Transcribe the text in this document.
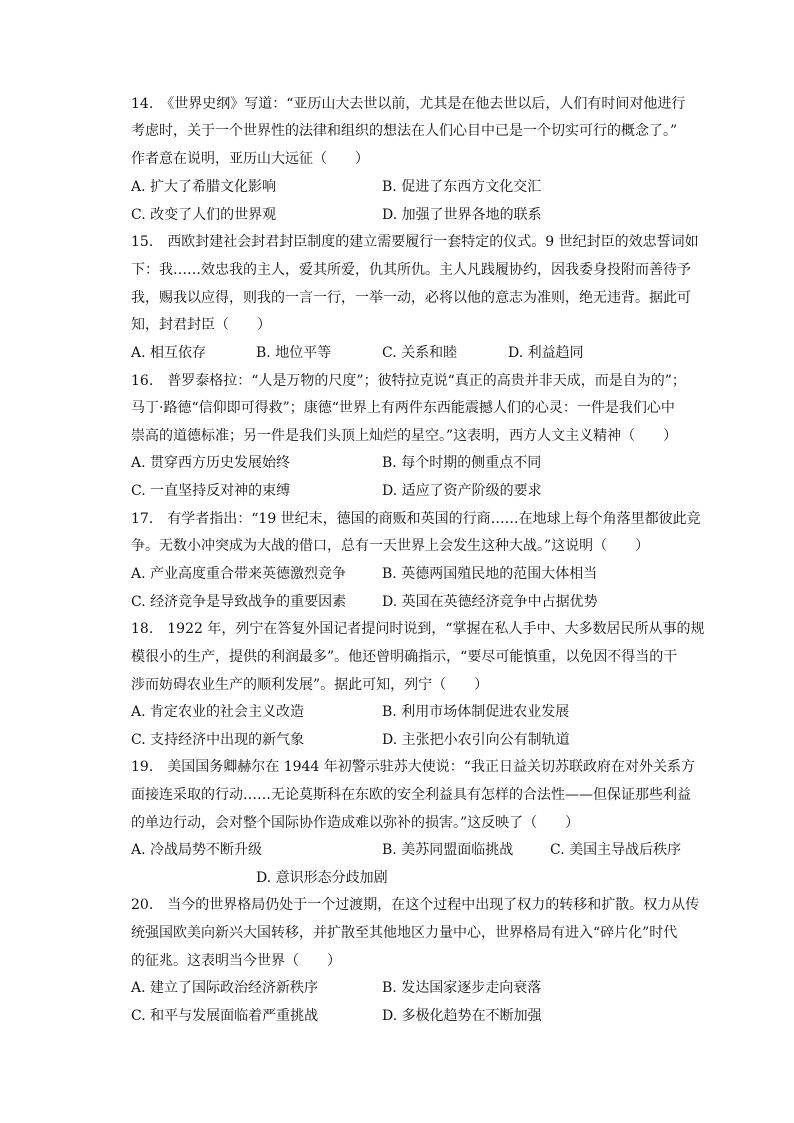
14.　《世界史纲》写道：“亚历山大去世以前，尤其是在他去世以后，人们有时间对他进行
考虑时，关于一个世界性的法律和组织的想法在人们心目中已是一个切实可行的概念了。”
作者意在说明，亚历山大远征（　　）
A. 扩大了希腊文化影响	B. 促进了东西方文化交汇
C. 改变了人们的世界观	D. 加强了世界各地的联系
15.　西欧封建社会封君封臣制度的建立需要履行一套特定的仪式。9 世纪封臣的效忠誓词如
下：我……效忠我的主人，爱其所爱，仇其所仇。主人凡践履协约，因我委身投附而善待予
我，赐我以应得，则我的一言一行，一举一动，必将以他的意志为准则，绝无违背。据此可
知，封君封臣（　　）
A. 相互依存	B. 地位平等	C. 关系和睦	D. 利益趋同
16.　普罗泰格拉：“人是万物的尺度”；彼特拉克说“真正的高贵并非天成，而是自为的”；
马丁·路德“信仰即可得救”；康德“世界上有两件东西能震撼人们的心灵：一件是我们心中
崇高的道德标准；另一件是我们头顶上灿烂的星空。”这表明，西方人文主义精神（　　）
A. 贯穿西方历史发展始终	B. 每个时期的侧重点不同
C. 一直坚持反对神的束缚	D. 适应了资产阶级的要求
17.　有学者指出：“19 世纪末，德国的商贩和英国的行商……在地球上每个角落里都彼此竞
争。无数小冲突成为大战的借口，总有一天世界上会发生这种大战。”这说明（　　）
A. 产业高度重合带来英德激烈竞争	B. 英德两国殖民地的范围大体相当
C. 经济竞争是导致战争的重要因素	D. 英国在英德经济竞争中占据优势
18.　1922 年，列宁在答复外国记者提问时说到，“掌握在私人手中、大多数居民所从事的规
模很小的生产，提供的利润最多”。他还曾明确指示，“要尽可能慎重，以免因不得当的干
涉而妨碍农业生产的顺利发展”。据此可知，列宁（　　）
A. 肯定农业的社会主义改造	B. 利用市场体制促进农业发展
C. 支持经济中出现的新气象	D. 主张把小农引向公有制轨道
19.　美国国务卿赫尔在 1944 年初警示驻苏大使说：“我正日益关切苏联政府在对外关系方
面接连采取的行动……无论莫斯科在东欧的安全利益具有怎样的合法性——但保证那些利益
的单边行动，会对整个国际协作造成难以弥补的损害。”这反映了（　　）
A. 冷战局势不断升级	B. 美苏同盟面临挑战	C. 美国主导战后秩序
D. 意识形态分歧加剧
20.　当今的世界格局仍处于一个过渡期，在这个过程中出现了权力的转移和扩散。权力从传
统强国欧美向新兴大国转移，并扩散至其他地区力量中心，世界格局有进入“碎片化”时代
的征兆。这表明当今世界（　　）
A. 建立了国际政治经济新秩序	B. 发达国家逐步走向衰落
C. 和平与发展面临着严重挑战	D. 多极化趋势在不断加强
